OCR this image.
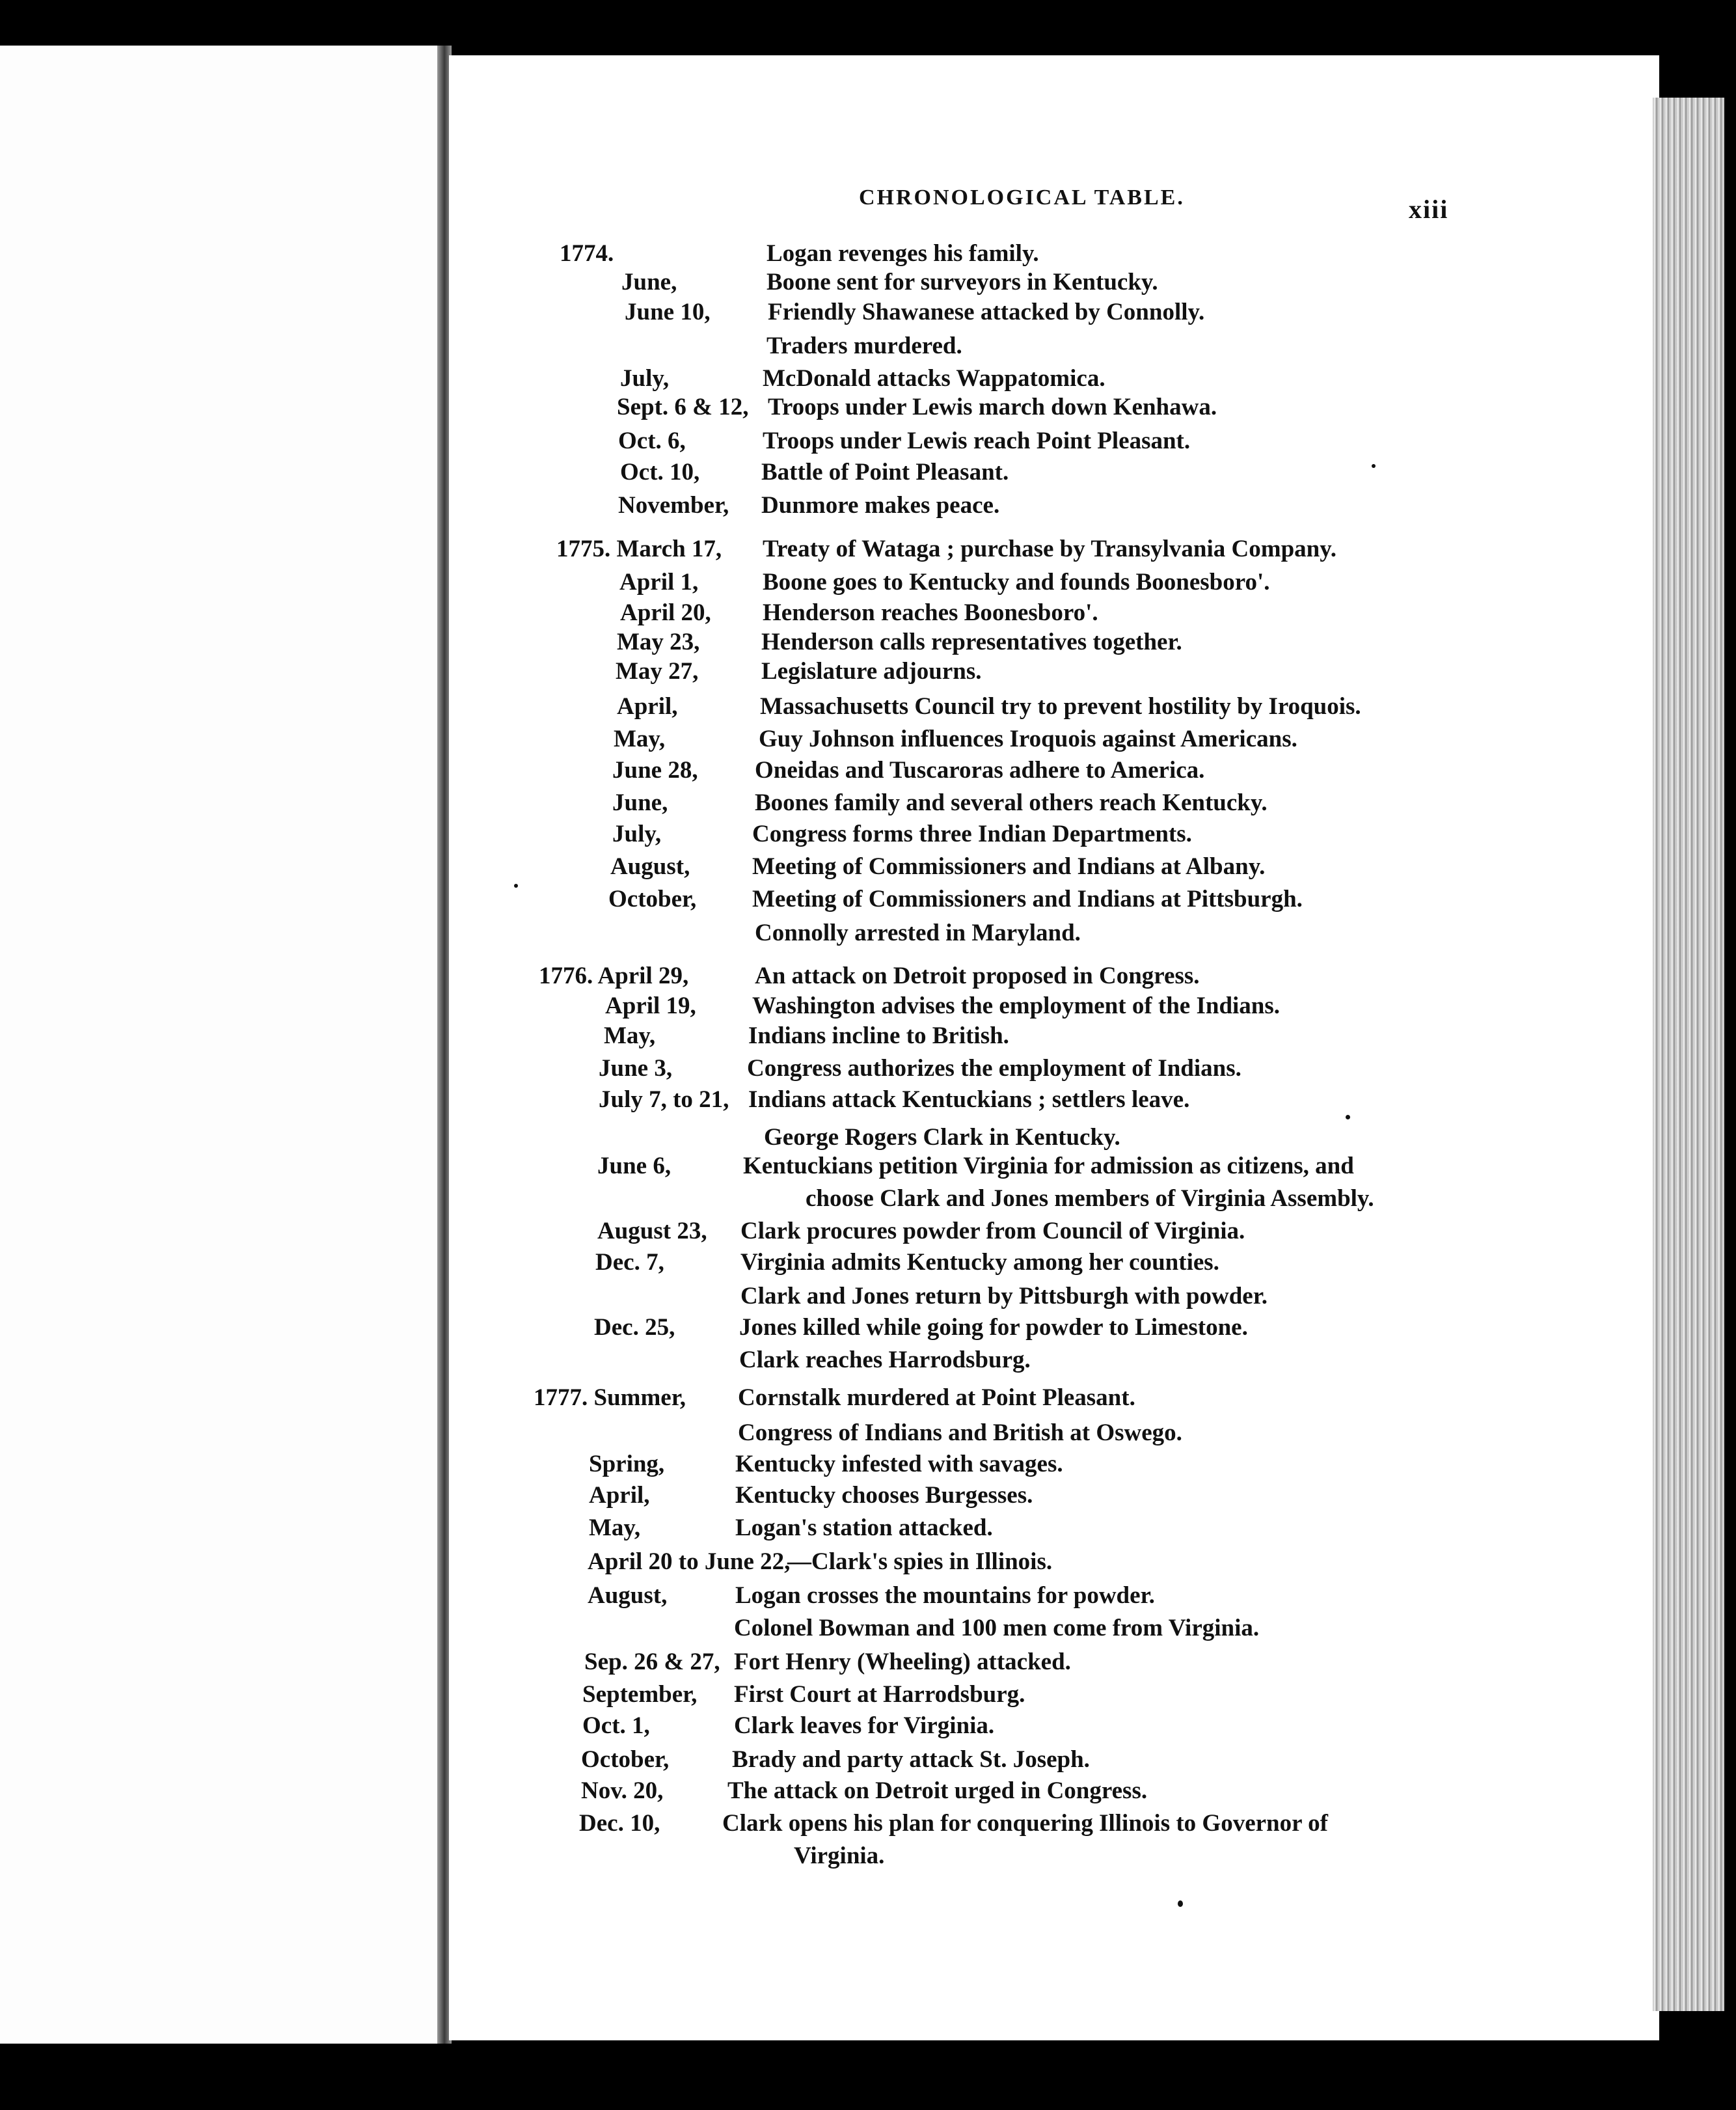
CHRONOLOGICAL TABLE.	xiii
1774.	Logan revenges his family.
June,	Boone sent for surveyors in Kentucky.
June 10, Friendly Shawanese attacked by Connolly.
Traders murdered.
July,	McDonald attacks Wappatomica.
Sept. 6 & 12, Troops under Lewis march down Kenhawa.
Oct. 6,	Troops under Lewis reach Point Pleasant.
Oct. 10,	Battle of Point Pleasant.
November, Dunmore makes peace.
1775. March 17, Treaty of Wataga ; purchase by Transylvania Company.
April 1,	Boone goes to Kentucky and founds Boonesboro'.
April 20, Henderson reaches Boonesboro'.
May 23,	Henderson calls representatives together.
May 27,	Legislature adjourns.
April,	Massachusetts Council try to prevent hostility by Iroquois.
May,	Guy Johnson influences Iroquois against Americans.
June 28, Oneidas and Tuscaroras adhere to America.
June,	Boones family and several others reach Kentucky.
July,	Congress forms three Indian Departments.
August,	Meeting of Commissioners and Indians at Albany.
October, Meeting of Commissioners and Indians at Pittsburgh.
Connolly arrested in Maryland.
1776. April 29,	An attack on Detroit proposed in Congress.
April 19, Washington advises the employment of the Indians.
May,	Indians incline to British.
June 3,	Congress authorizes the employment of Indians.
July 7, to 21, Indians attack Kentuckians ; settlers leave.
George Rogers Clark in Kentucky.
June 6,	Kentuckians petition Virginia for admission as citizens, and
choose Clark and Jones members of Virginia Assembly.
August 23, Clark procures powder from Council of Virginia.
Dec. 7,	Virginia admits Kentucky among her counties.
Clark and Jones return by Pittsburgh with powder.
Dec. 25,	Jones killed while going for powder to Limestone.
Clark reaches Harrodsburg.
1777. Summer, Cornstalk murdered at Point Pleasant.
Congress of Indians and British at Oswego.
Spring,	Kentucky infested with savages.
April,	Kentucky chooses Burgesses.
May,	Logan's station attacked.
April 20 to June 22,
—Clark's spies in Illinois.
August,	Logan crosses the mountains for powder.
Colonel Bowman and 100 men come from Virginia.
Sep. 26 & 27, Fort Henry (Wheeling) attacked.
September, First Court at Harrodsburg.
Oct. 1,	Clark leaves for Virginia.
October,	Brady and party attack St. Joseph.
Nov. 20,	The attack on Detroit urged in Congress.
Dec. 10,	Clark opens his plan for conquering Illinois to Governor of
Virginia.
